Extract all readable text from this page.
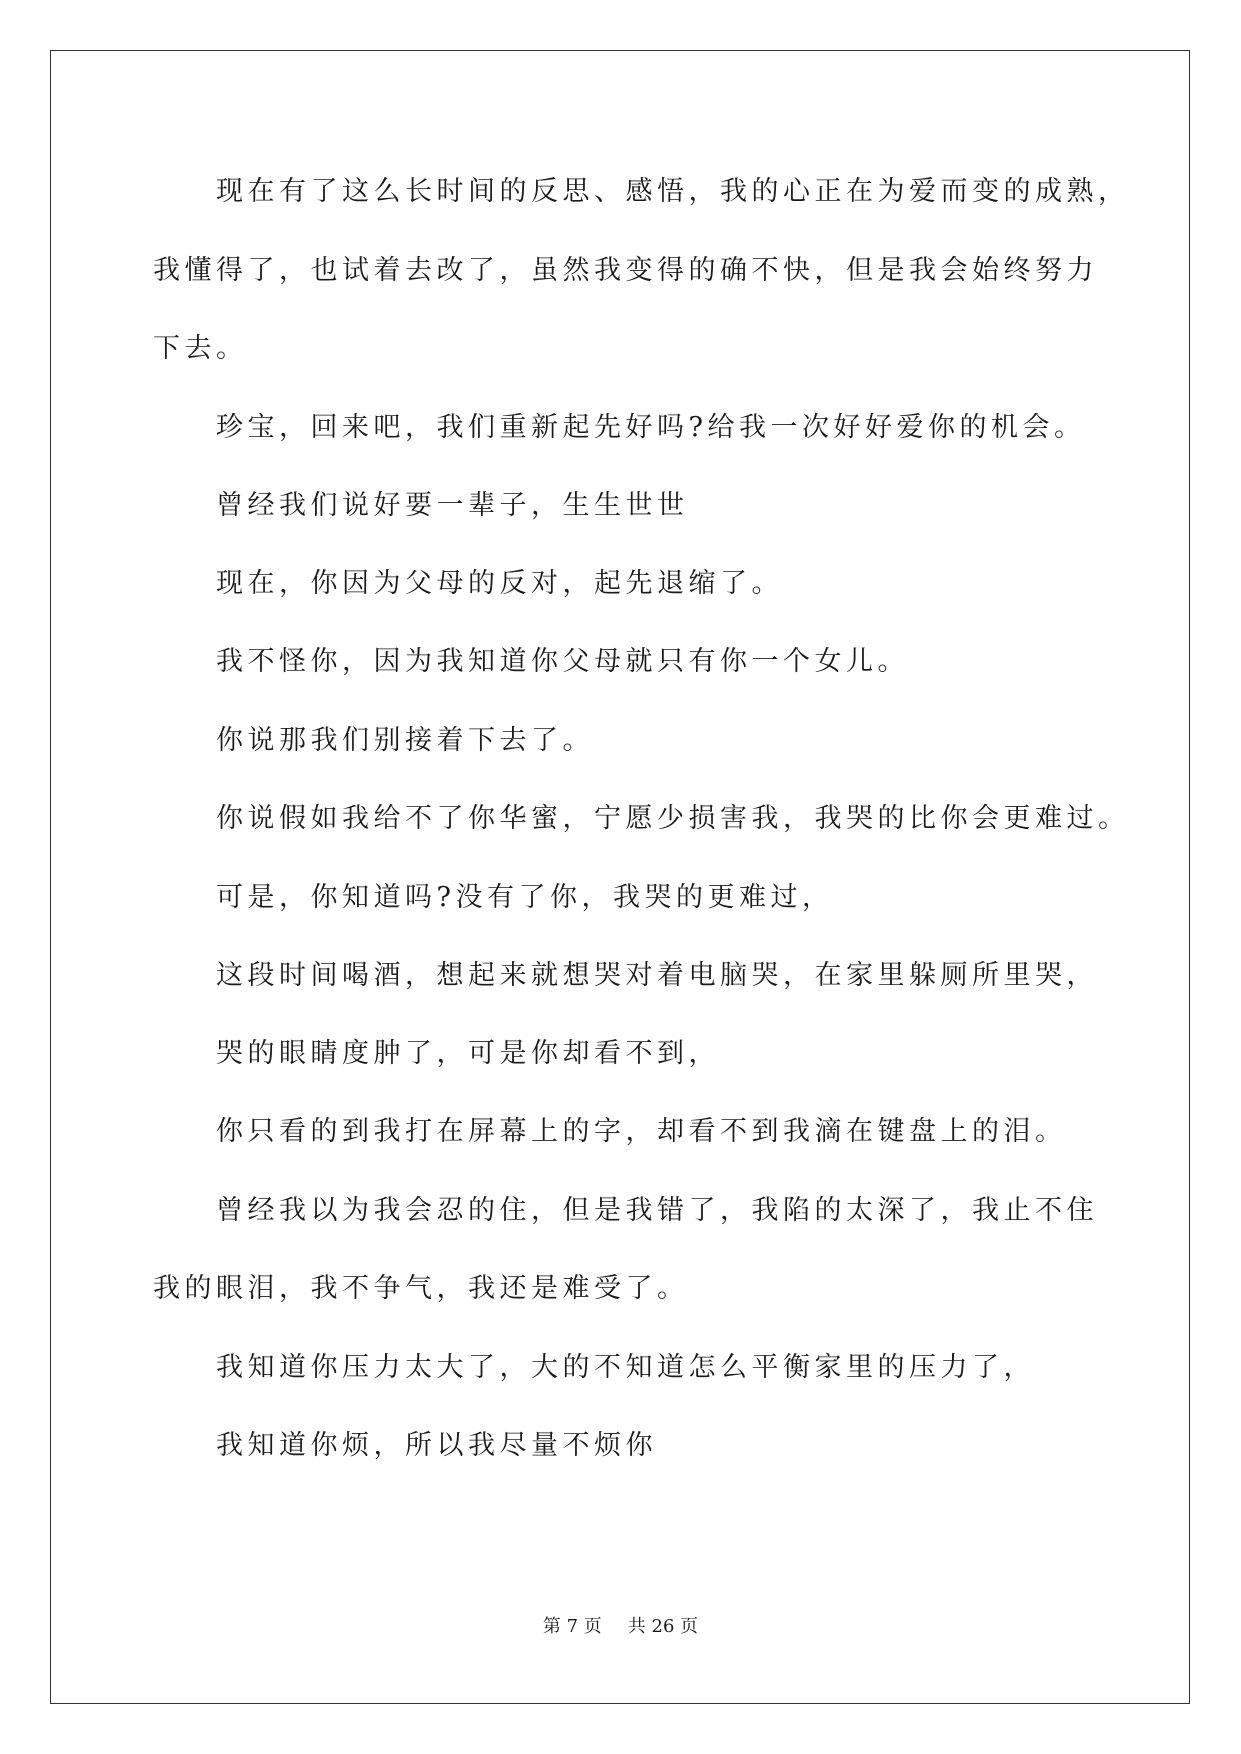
现在有了这么长时间的反思、感悟，我的心正在为爱而变的成熟，
我懂得了，也试着去改了，虽然我变得的确不快，但是我会始终努力
下去。
珍宝，回来吧，我们重新起先好吗?给我一次好好爱你的机会。
曾经我们说好要一辈子，生生世世
现在，你因为父母的反对，起先退缩了。
我不怪你，因为我知道你父母就只有你一个女儿。
你说那我们别接着下去了。
你说假如我给不了你华蜜，宁愿少损害我，我哭的比你会更难过。
可是，你知道吗?没有了你，我哭的更难过，
这段时间喝酒，想起来就想哭对着电脑哭，在家里躲厕所里哭，
哭的眼睛度肿了，可是你却看不到，
你只看的到我打在屏幕上的字，却看不到我滴在键盘上的泪。
曾经我以为我会忍的住，但是我错了，我陷的太深了，我止不住
我的眼泪，我不争气，我还是难受了。
我知道你压力太大了，大的不知道怎么平衡家里的压力了，
我知道你烦，所以我尽量不烦你
第 7 页 共 26 页
